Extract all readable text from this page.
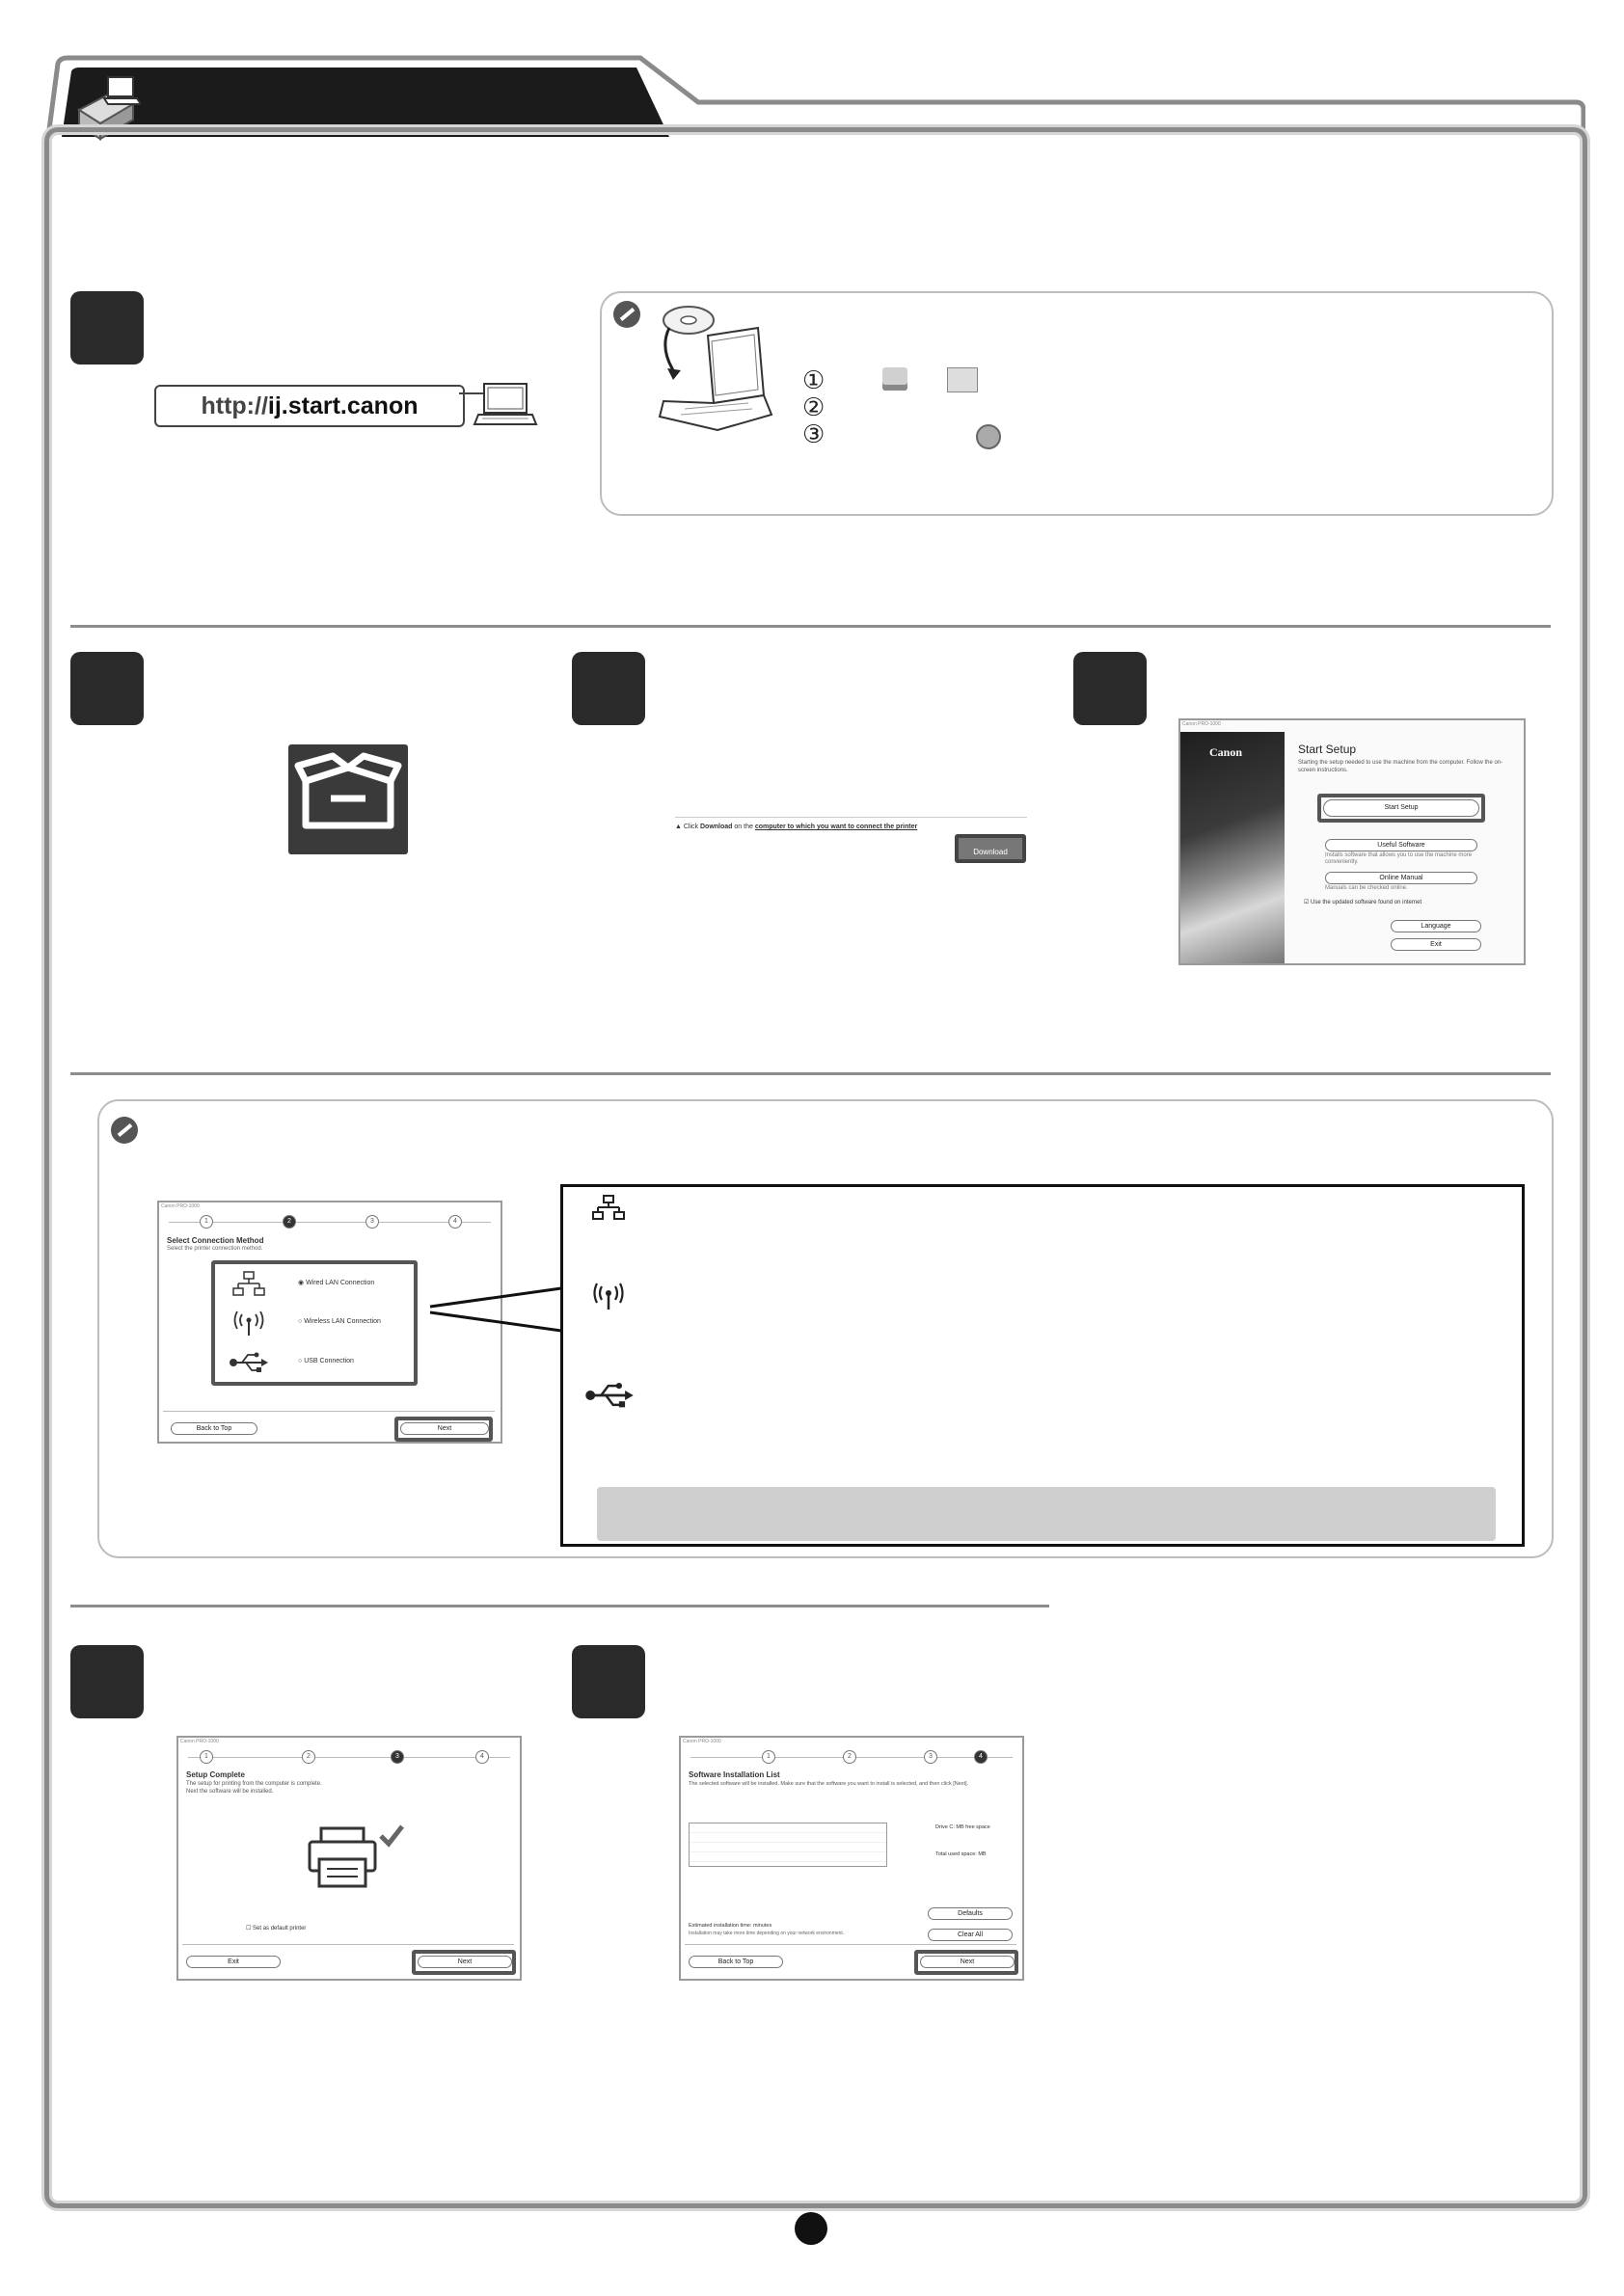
http://ij.start.canon
①
②
③
▲ Click Download on the computer to which you want to connect the printer
Download
Canon PRO-1000
Canon	Start Setup
Starting the setup needed to use the machine from the computer. Follow the on-screen instructions.
Start Setup
Useful Software
Installs software that allows you to use the machine more conveniently.
Online Manual
Manuals can be checked online.
☑ Use the updated software found on internet
Language
Exit
Canon PRO-1000
1	2	3	4
Select Connection Method
Select the printer connection method.
◉ Wired LAN Connection
○ Wireless LAN Connection
○ USB Connection
Back to Top	Next
Canon PRO-1000
1	2	3	4
Setup Complete
The setup for printing from the computer is complete.
Next the software will be installed.
☐ Set as default printer
Exit	Next
Canon PRO-1000
1	2	3	4
Software Installation List
The selected software will be installed. Make sure that the software you want to install is selected, and then click [Next].
Drive C: MB free space
Total used space: MB
Defaults
Estimated installation time: minutes
Installation may take more time depending on your network environment.	Clear All
Back to Top	Next
